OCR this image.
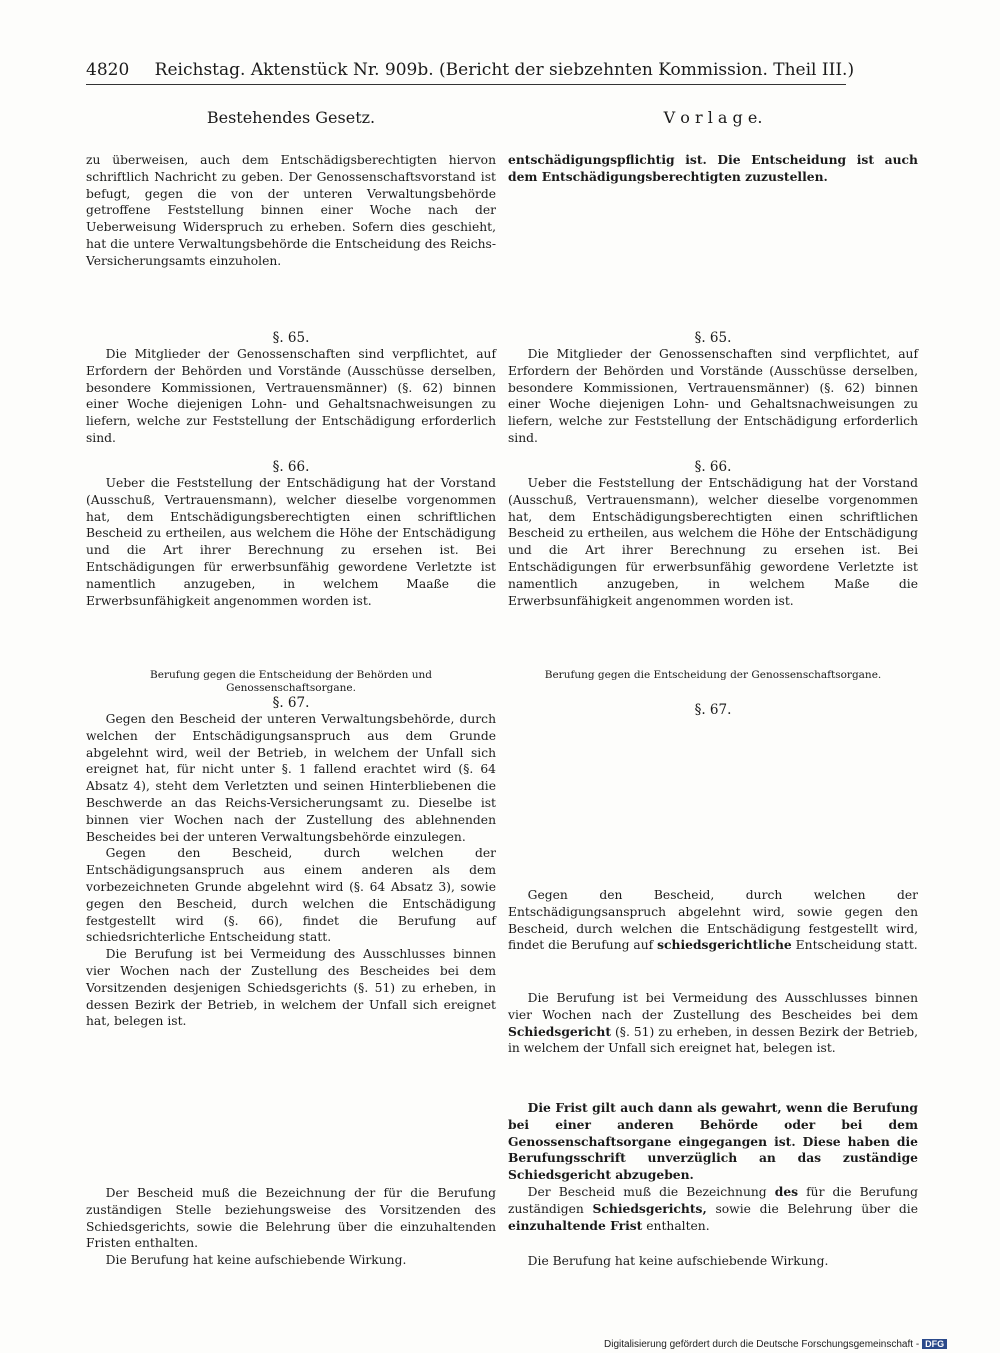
4820 Reichstag. Aktenstück Nr. 909b. (Bericht der siebzehnten Kommission. Theil III.)
Bestehendes Gesetz.	V o r l a g e.

zu überweisen, auch dem Entschädigsberechtigten hiervon schriftlich Nachricht zu geben. Der Genossenschaftsvorstand ist befugt, gegen die von der unteren Verwaltungsbehörde getroffene Feststellung binnen einer Woche nach der Ueberweisung Widerspruch zu erheben. Sofern dies geschieht, hat die untere Verwaltungsbehörde die Entscheidung des Reichs-Versicherungsamts einzuholen.

§. 65.

Die Mitglieder der Genossenschaften sind verpflichtet, auf Erfordern der Behörden und Vorstände (Ausschüsse derselben, besondere Kommissionen, Vertrauensmänner) (§. 62) binnen einer Woche diejenigen Lohn- und Gehaltsnachweisungen zu liefern, welche zur Feststellung der Entschädigung erforderlich sind.

§. 66.

Ueber die Feststellung der Entschädigung hat der Vorstand (Ausschuß, Vertrauensmann), welcher dieselbe vorgenommen hat, dem Entschädigungsberechtigten einen schriftlichen Bescheid zu ertheilen, aus welchem die Höhe der Entschädigung und die Art ihrer Berechnung zu ersehen ist. Bei Entschädigungen für erwerbsunfähig gewordene Verletzte ist namentlich anzugeben, in welchem Maaße die Erwerbsunfähigkeit angenommen worden ist.

Berufung gegen die Entscheidung der Behörden und Genossenschaftsorgane.
§. 67.

Gegen den Bescheid der unteren Verwaltungsbehörde, durch welchen der Entschädigungsanspruch aus dem Grunde abgelehnt wird, weil der Betrieb, in welchem der Unfall sich ereignet hat, für nicht unter §. 1 fallend erachtet wird (§. 64 Absatz 4), steht dem Verletzten und seinen Hinterbliebenen die Beschwerde an das Reichs-Versicherungsamt zu. Dieselbe ist binnen vier Wochen nach der Zustellung des ablehnenden Bescheides bei der unteren Verwaltungsbehörde einzulegen.

Gegen den Bescheid, durch welchen der Entschädigungsanspruch aus einem anderen als dem vorbezeichneten Grunde abgelehnt wird (§. 64 Absatz 3), sowie gegen den Bescheid, durch welchen die Entschädigung festgestellt wird (§. 66), findet die Berufung auf schiedsrichterliche Entscheidung statt.

Die Berufung ist bei Vermeidung des Ausschlusses binnen vier Wochen nach der Zustellung des Bescheides bei dem Vorsitzenden desjenigen Schiedsgerichts (§. 51) zu erheben, in dessen Bezirk der Betrieb, in welchem der Unfall sich ereignet hat, belegen ist.

Der Bescheid muß die Bezeichnung der für die Berufung zuständigen Stelle beziehungsweise des Vorsitzenden des Schiedsgerichts, sowie die Belehrung über die einzuhaltenden Fristen enthalten.

Die Berufung hat keine aufschiebende Wirkung.

entschädigungspflichtig ist. Die Entscheidung ist auch dem Entschädigungsberechtigten zuzustellen.

§. 65.

Die Mitglieder der Genossenschaften sind verpflichtet, auf Erfordern der Behörden und Vorstände (Ausschüsse derselben, besondere Kommissionen, Vertrauensmänner) (§. 62) binnen einer Woche diejenigen Lohn- und Gehaltsnachweisungen zu liefern, welche zur Feststellung der Entschädigung erforderlich sind.

§. 66.

Ueber die Feststellung der Entschädigung hat der Vorstand (Ausschuß, Vertrauensmann), welcher dieselbe vorgenommen hat, dem Entschädigungsberechtigten einen schriftlichen Bescheid zu ertheilen, aus welchem die Höhe der Entschädigung und die Art ihrer Berechnung zu ersehen ist. Bei Entschädigungen für erwerbsunfähig gewordene Verletzte ist namentlich anzugeben, in welchem Maße die Erwerbsunfähigkeit angenommen worden ist.

Berufung gegen die Entscheidung der Genossenschaftsorgane.
§. 67.

Gegen den Bescheid, durch welchen der Entschädigungsanspruch abgelehnt wird, sowie gegen den Bescheid, durch welchen die Entschädigung festgestellt wird, findet die Berufung auf schiedsgerichtliche Entscheidung statt.

Die Berufung ist bei Vermeidung des Ausschlusses binnen vier Wochen nach der Zustellung des Bescheides bei dem Schiedsgericht (§. 51) zu erheben, in dessen Bezirk der Betrieb, in welchem der Unfall sich ereignet hat, belegen ist.

Die Frist gilt auch dann als gewahrt, wenn die Berufung bei einer anderen Behörde oder bei dem Genossenschaftsorgane eingegangen ist. Diese haben die Berufungsschrift unverzüglich an das zuständige Schiedsgericht abzugeben.

Der Bescheid muß die Bezeichnung des für die Berufung zuständigen Schiedsgerichts, sowie die Belehrung über die einzuhaltende Frist enthalten.

Die Berufung hat keine aufschiebende Wirkung.

Digitalisierung gefördert durch die Deutsche Forschungsgemeinschaft - DFG
